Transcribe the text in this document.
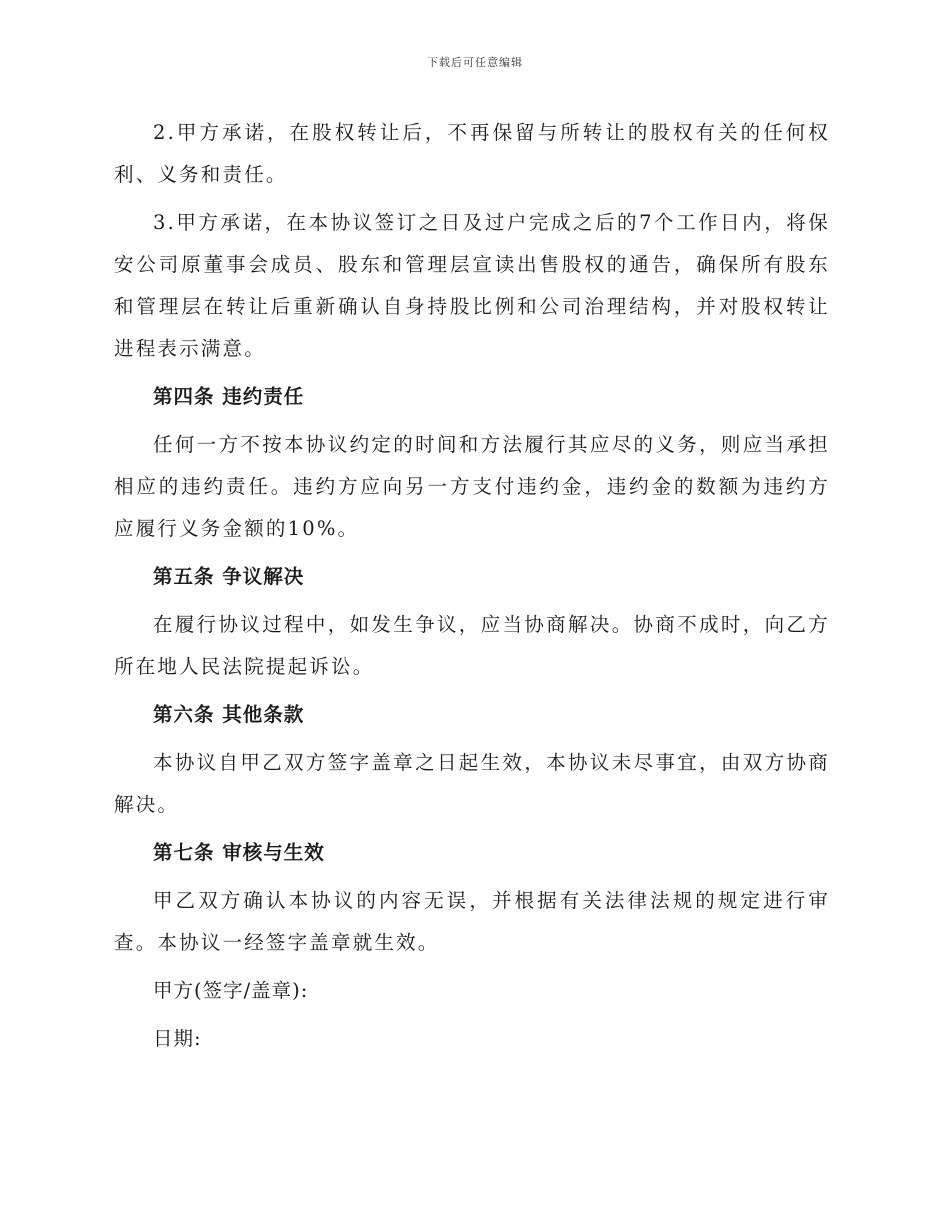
下载后可任意编辑

2.甲方承诺，在股权转让后，不再保留与所转让的股权有关的任何权利、义务和责任。

3.甲方承诺，在本协议签订之日及过户完成之后的7个工作日内，将保安公司原董事会成员、股东和管理层宣读出售股权的通告，确保所有股东和管理层在转让后重新确认自身持股比例和公司治理结构，并对股权转让进程表示满意。

第四条 违约责任

任何一方不按本协议约定的时间和方法履行其应尽的义务，则应当承担相应的违约责任。违约方应向另一方支付违约金，违约金的数额为违约方应履行义务金额的10%。

第五条 争议解决

在履行协议过程中，如发生争议，应当协商解决。协商不成时，向乙方所在地人民法院提起诉讼。

第六条 其他条款

本协议自甲乙双方签字盖章之日起生效，本协议未尽事宜，由双方协商解决。

第七条 审核与生效

甲乙双方确认本协议的内容无误，并根据有关法律法规的规定进行审查。本协议一经签字盖章就生效。

甲方(签字/盖章):

日期:
